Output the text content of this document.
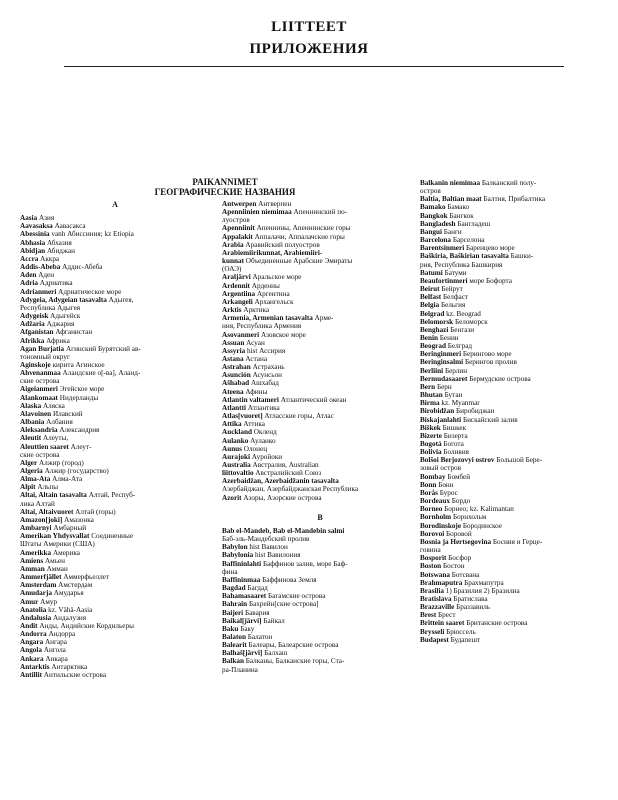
LIITTEET
ПРИЛОЖЕНИЯ
PAIKANNIMET
ГЕОГРАФИЧЕСКИЕ НАЗВАНИЯ
A
Aasia Азия
Aavasaksa Аавасакса
Abessinia vanh Абиссиния; kz Etiopia
Abhasia Абхазия
Abidjan Абиджан
Accra Аккра
Addis-Abeba Аддис-Абеба
Aden Аден
Adria Адриатика
Adrianmeri Адриатическое море
Adygeia, Adygeian tasavalta Адыгея,
Республика Адыгея
Adygeisk Адыгейск
Adžaria Аджария
Afganistan Афганистан
Afrikka Африка
Agan Burjatia Агинский Бурятский ав-
тономный округ
Aginskoje кирнта Агинское
Ahvenanmaa Аландские о[-ва], Аланд-
ские острова
Aigeianmeri Эгейское море
Alankomaat Нидерланды
Alaska Аляска
Alavoinen Илавский
Albania Албания
Aleksandria Александрия
Aleutit Алеуты,
Aleuttien saaret Алеут-
ские острова
Alger Алжир (город)
Algeria Алжир (государство)
Alma-Ata Алма-Ата
Alpit Альпы
Altai, Altain tasavalta Алтай, Респуб-
лика Алтай
Altai, Altaivuoret Алтай (горы)
Amazon[joki] Амазонка
Ambarnyi Амбарный
Amerikan Yhdysvallat Соединенные
Штаты Америки (США)
Amerikka Америка
Amiens Амьен
Amman Амман
Ammerfjället Аммерфьеллет
Amsterdam Амстердам
Amudarja Амударья
Amur Амур
Anatolia kz. Vähä-Aasia
Andalusia Андалузия
Andit Анды, Андийские Кордильеры
Andorra Андорра
Angara Ангара
Angola Ангола
Ankara Анкара
Antarktis Антарктика
Antillit Антильские острова
Antwerpen Антверпен
Apenniinien niemimaa Апеннинский по-
луостров
Apenniinit Апеннины, Апеннинские горы
Appalakit Аппалачи, Аппалачские горы
Arabia Аравийский полуостров
Arabiemiirikunnat, Arabiemiiri-
kunnat Объединенные Арабские Эмираты
(ОАЭ)
Araljärvi Аральское море
Ardennit Арденны
Argentiina Аргентина
Arkangeli Архангельск
Arktis Арктика
Armenia, Armenian tasavalta Арме-
ния, Республика Армения
Asovanmeri Азовское море
Assuan Асуан
Assyria hist Ассирия
Astana Астана
Astrahan Астрахань
Asunción Асунсьон
Ašhabad Ашхабад
Ateena Афины
Atlantin valtameri Атлантический океан
Atlantti Атлантика
Atlas[vuoret] Атласские горы, Атлас
Attika Аттика
Auckland Окленд
Aulanko Ауланко
Aunus Олонец
Aurajoki Ауройоки
Australia Австралия, Australian
liittovaltio Австралийский Союз
Azerbaidžan, Azerbaidžanin tasavalta
Азербайджан, Азербайджанская Республика
Azorit Азоры, Азорские острова
B
Bab el-Mandeb, Bab el-Mandebin salmi
Баб-эль-Мандебский пролив
Babylon hist Вавилон
Babylonia hist Вавилония
Baffininlahti Баффинов залив, море Баф-
фина
Baffininmaa Баффинова Земля
Bagdad Багдад
Bahamasaaret Багамские острова
Bahrain Бахрейн[ские острова]
Baijeri Бавария
Baikal[järvi] Байкал
Baku Баку
Balaton Балатон
Balearit Балеары, Балеарские острова
Balhaš[järvi] Балхаш
Balkan Балканы, Балканские горы, Ста-
ра-Планина
Balkanin niemimaa Балканский полу-
остров
Baltia, Baltian maat Балтия, Прибалтика
Bamako Бамако
Bangkok Бангкок
Bangladesh Бангладеш
Bangui Банги
Barcelona Барселона
Barentsinmeri Баренцево море
Baškiria, Baškirian tasavalta Башки-
рия, Республика Башкирия
Batumi Батуми
Beaufortinmeri море Бофорта
Beirut Бейрут
Belfast Белфаст
Belgia Бельгия
Belgrad kz. Beograd
Belomorsk Беломорск
Benghazi Бенгази
Benin Бенин
Beograd Белград
Beringinmeri Берингово море
Beringinsalmi Берингов пролив
Berliini Берлин
Bermudasaaret Бермудские острова
Bern Берн
Bhutan Бутан
Birma kz. Myanmar
Birobidžan Биробиджан
Biskajanlahti Бискайский залив
Biškek Бишкек
Bizerte Бизерта
Bogotá Богота
Bolivia Боливия
Bolšoi Berjozovyi ostrov Большой Бере-
зовый остров
Bombay Бомбей
Bonn Бонн
Borås Бурос
Bordeaux Бордо
Borneo Борнео; kz. Kalimantan
Bornholm Борнхольм
Borodinskoje Бородинское
Borovoi Боровой
Bosnia ja Hertsegovina Босния и Герце-
говина
Bosporit Босфор
Boston Бостон
Botswana Ботсвана
Brahmaputra Брахмапутра
Brasilia 1) Бразилия 2) Бразилиа
Bratislava Братислава
Brazzaville Браззавиль
Brest Брест
Brittein saaret Британские острова
Brysseli Брюссель
Budapest Будапешт
